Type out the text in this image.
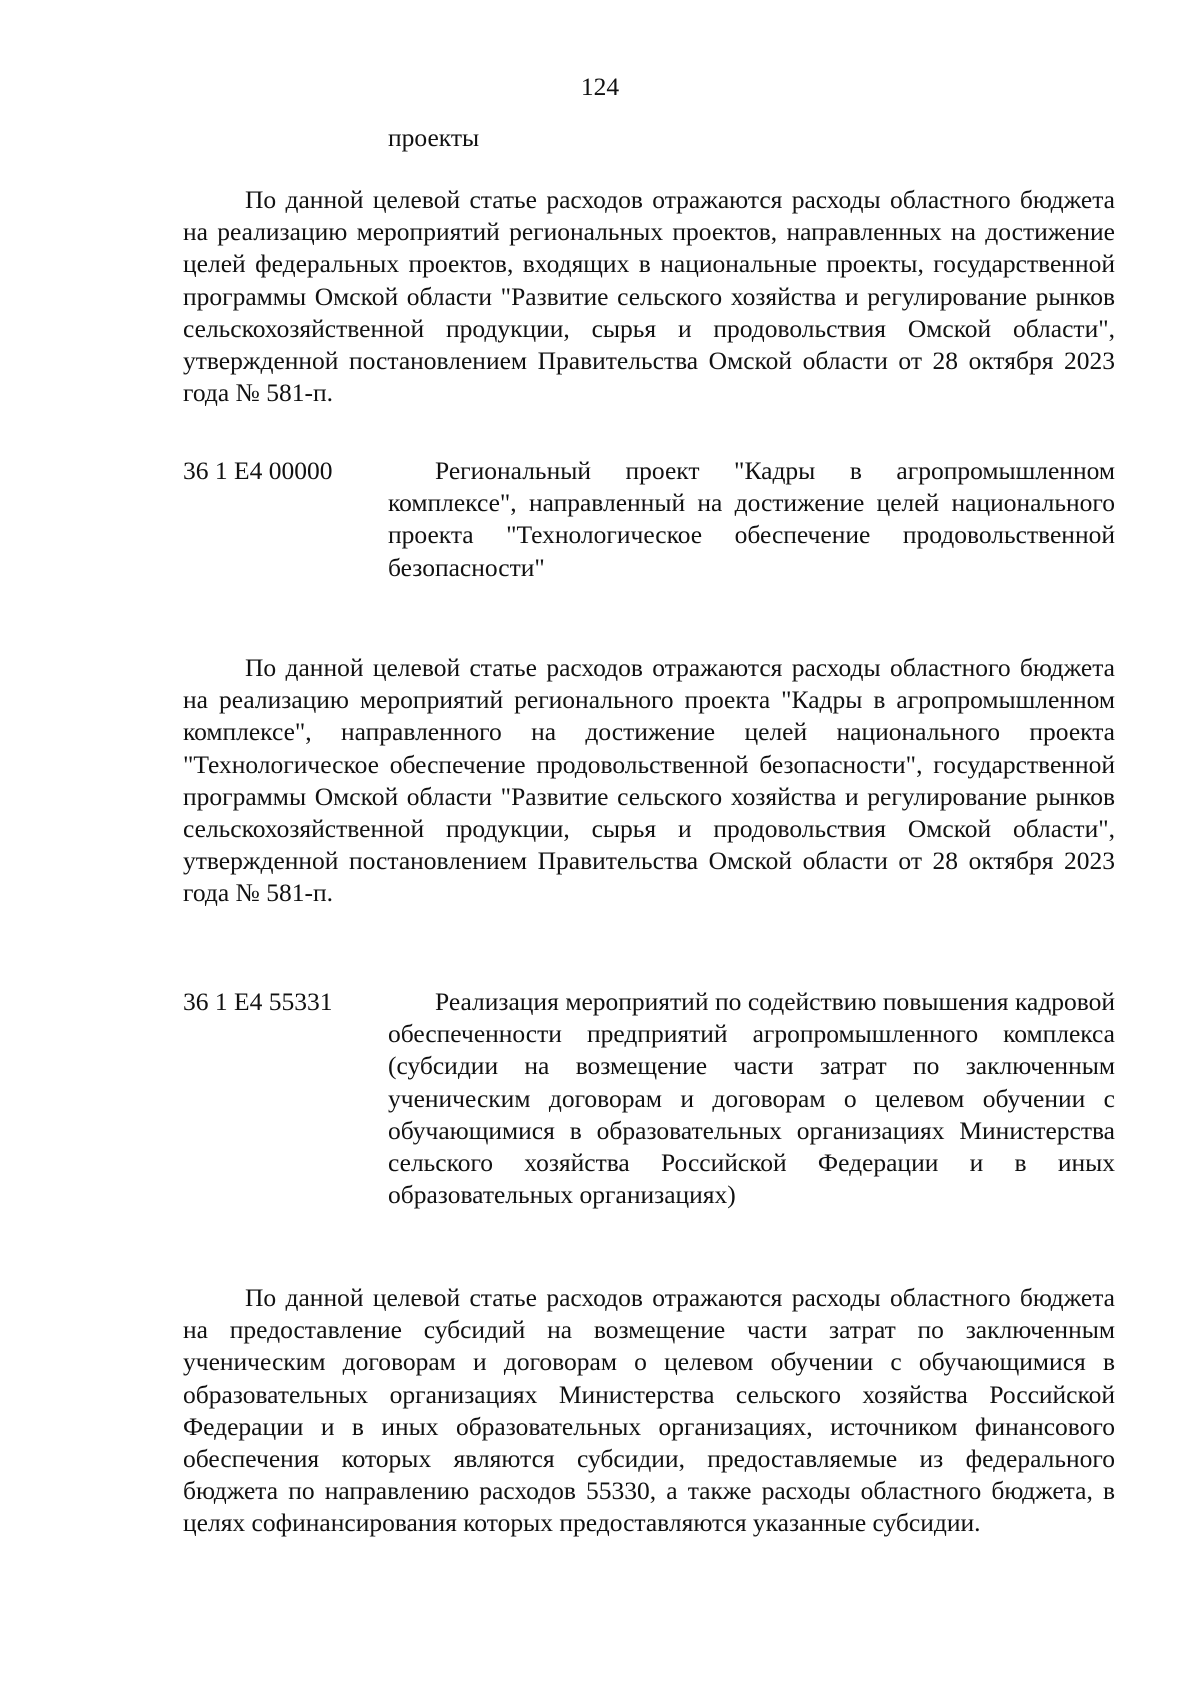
124

проекты

По данной целевой статье расходов отражаются расходы областного бюджета на реализацию мероприятий региональных проектов, направленных на достижение целей федеральных проектов, входящих в национальные проекты, государственной программы Омской области "Развитие сельского хозяйства и регулирование рынков сельскохозяйственной продукции, сырья и продовольствия Омской области", утвержденной постановлением Правительства Омской области от 28 октября 2023 года № 581-п.

36 1 Е4 00000	Региональный проект "Кадры в агропромышленном комплексе", направленный на достижение целей национального проекта "Технологическое обеспечение продовольственной безопасности"

По данной целевой статье расходов отражаются расходы областного бюджета на реализацию мероприятий регионального проекта "Кадры в агропромышленном комплексе", направленного на достижение целей национального проекта "Технологическое обеспечение продовольственной безопасности", государственной программы Омской области "Развитие сельского хозяйства и регулирование рынков сельскохозяйственной продукции, сырья и продовольствия Омской области", утвержденной постановлением Правительства Омской области от 28 октября 2023 года № 581-п.

36 1 Е4 55331	Реализация мероприятий по содействию повышения кадровой обеспеченности предприятий агропромышленного комплекса (субсидии на возмещение части затрат по заключенным ученическим договорам и договорам о целевом обучении с обучающимися в образовательных организациях Министерства сельского хозяйства Российской Федерации и в иных образовательных организациях)

По данной целевой статье расходов отражаются расходы областного бюджета на предоставление субсидий на возмещение части затрат по заключенным ученическим договорам и договорам о целевом обучении с обучающимися в образовательных организациях Министерства сельского хозяйства Российской Федерации и в иных образовательных организациях, источником финансового обеспечения которых являются субсидии, предоставляемые из федерального бюджета по направлению расходов 55330, а также расходы областного бюджета, в целях софинансирования которых предоставляются указанные субсидии.
